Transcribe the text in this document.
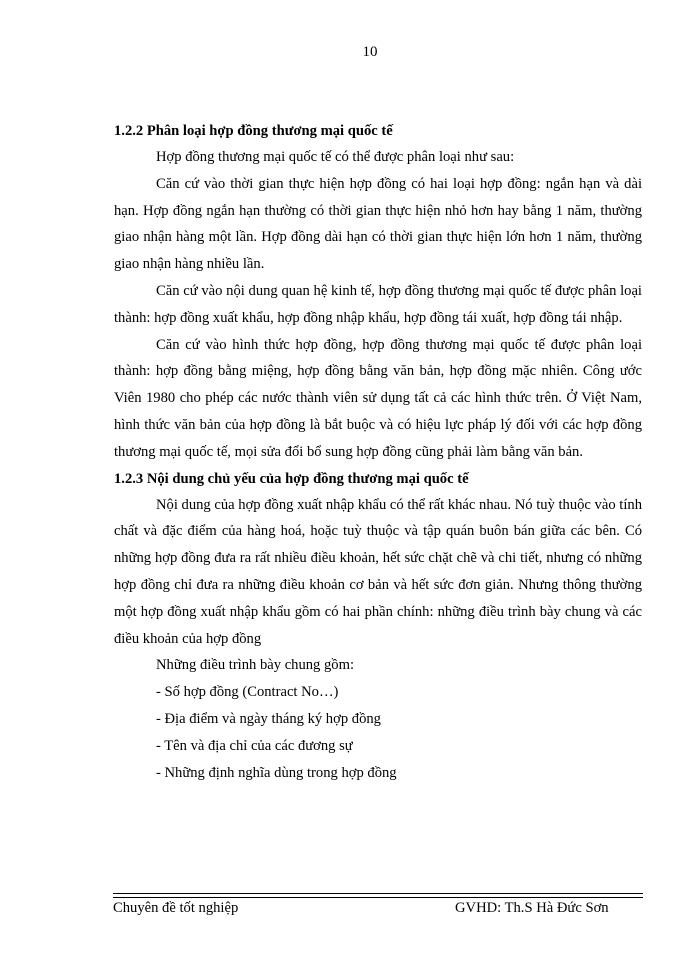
10

1.2.2 Phân loại hợp đồng thương mại quốc tế

Hợp đồng thương mại quốc tế có thể được phân loại như sau:

Căn cứ vào thời gian thực hiện hợp đồng có hai loại hợp đồng: ngắn hạn và dài hạn. Hợp đồng ngắn hạn thường có thời gian thực hiện nhỏ hơn hay bằng 1 năm, thường giao nhận hàng một lần. Hợp đồng dài hạn có thời gian thực hiện lớn hơn 1 năm, thường giao nhận hàng nhiều lần.

Căn cứ vào nội dung quan hệ kinh tế, hợp đồng thương mại quốc tế được phân loại thành: hợp đồng xuất khẩu, hợp đồng nhập khẩu, hợp đồng tái xuất, hợp đồng tái nhập.

Căn cứ vào hình thức hợp đồng, hợp đồng thương mại quốc tế được phân loại thành: hợp đồng bằng miệng, hợp đồng bằng văn bản, hợp đồng mặc nhiên. Công ước Viên 1980 cho phép các nước thành viên sử dụng tất cả các hình thức trên. Ở Việt Nam, hình thức văn bản của hợp đồng là bắt buộc và có hiệu lực pháp lý đối với các hợp đồng thương mại quốc tế, mọi sửa đổi bổ sung hợp đồng cũng phải làm bằng văn bản.

1.2.3 Nội dung chủ yếu của hợp đồng thương mại quốc tế

Nội dung của hợp đồng xuất nhập khẩu có thể rất khác nhau. Nó tuỳ thuộc vào tính chất và đặc điểm của hàng hoá, hoặc tuỳ thuộc và tập quán buôn bán giữa các bên. Có những hợp đồng đưa ra rất nhiều điều khoản, hết sức chặt chẽ và chi tiết, nhưng có những hợp đồng chỉ đưa ra những điều khoản cơ bản và hết sức đơn giản. Nhưng thông thường một hợp đồng xuất nhập khẩu gồm có hai phần chính: những điều trình bày chung và các điều khoản của hợp đồng

Những điều trình bày chung gồm:

- Số hợp đồng (Contract No…)

- Địa điểm và ngày tháng ký hợp đồng

- Tên và địa chỉ của các đương sự

- Những định nghĩa dùng trong hợp đồng

Chuyên đề tốt nghiệp	GVHD: Th.S Hà Đức Sơn
